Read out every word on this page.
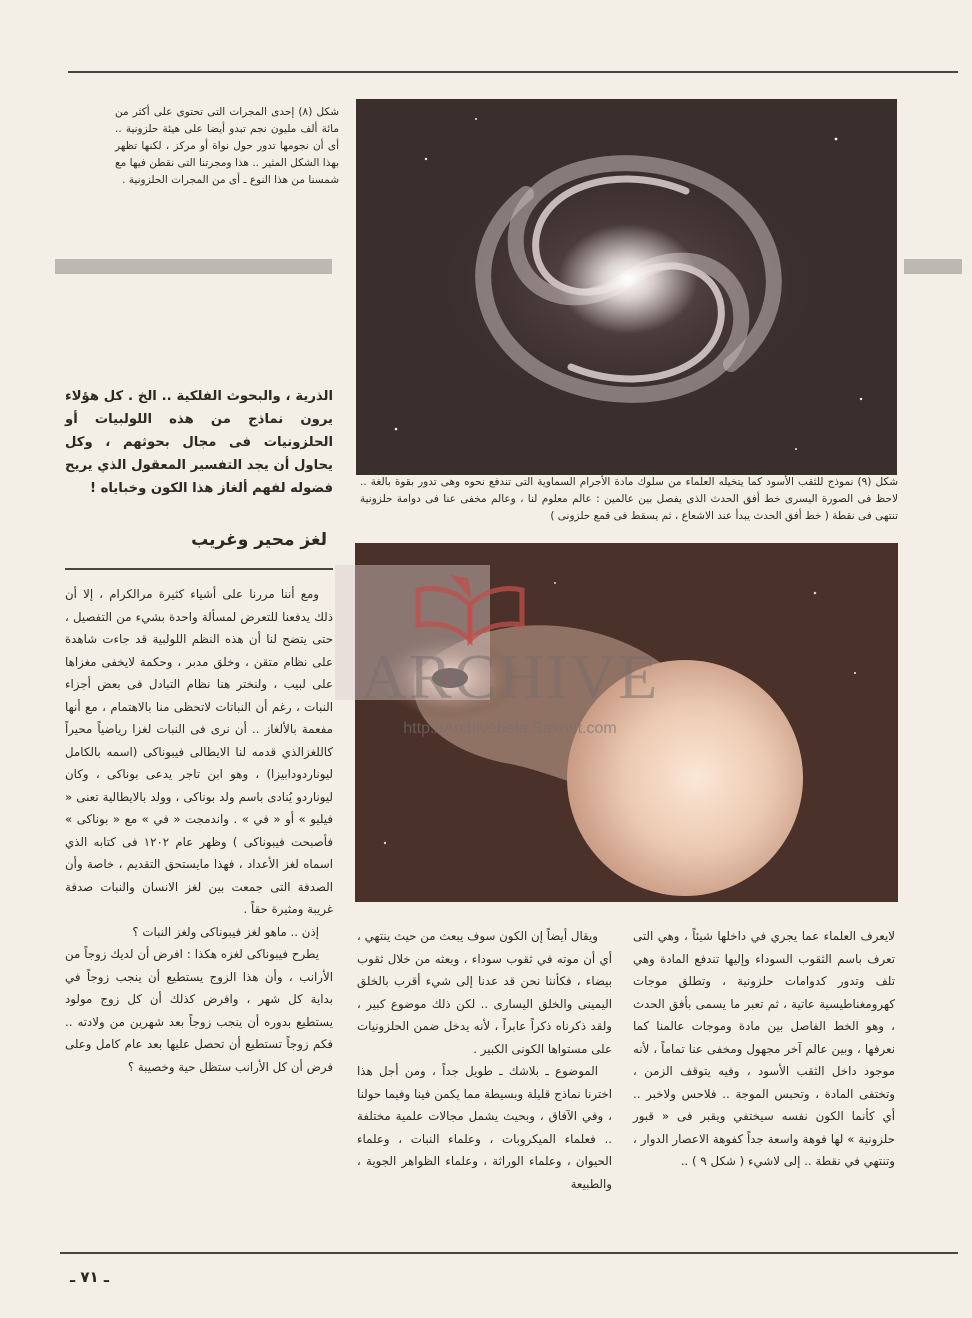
شكل (٨) إحدى المجرات التى تحتوى على أكثر من مائة ألف مليون نجم تبدو أيضا على هيئة حلزونية .. أى أن نجومها تدور حول نواة أو مركز ، لكنها تظهر بهذا الشكل المثير .. هذا ومجرتنا التى نقطن فيها مع شمسنا من هذا النوع ـ أى من المجرات الحلزونية .
شكل (٩) نموذج للثقب الأسود كما يتخيله العلماء من سلوك مادة الأجرام السماوية التى تندفع نحوه وهى تدور بقوة بالغة .. لاحظ فى الصورة اليسرى خط أفق الحدث الذى يفصل بين عالمين : عالم معلوم لنا ، وعالم مخفى عنا فى دوامة حلزونية تنتهى فى نقطة ( خط أفق الحدث يبدأ عند الاشعاع ، ثم يسقط فى قمع حلزونى )
ARCHIVE
http://Archivebeta.Sakhrit.com
الذرية ، والبحوث الفلكية .. الخ . كل هؤلاء يرون نماذج من هذه اللولبيات أو الحلزونيات فى مجال بحوثهم ، وكل يحاول أن يجد التفسير المعقول الذي يريح فضوله لفهم ألغاز هذا الكون وخباياه !
لغز محير وغريب

ومع أننا مررنا على أشياء كثيرة مرالكرام ، إلا أن ذلك يدفعنا للتعرض لمسألة واحدة بشيء من التفصيل ، حتى يتضح لنا أن هذه النظم اللولبية قد جاءت شاهدة على نظام متقن ، وخلق مدبر ، وحكمة لايخفى مغزاها على لبيب ، ولنختر هنا نظام التبادل فى بعض أجزاء النبات ، رغم أن النباتات لاتحظى منا بالاهتمام ، مع أنها مفعمة بالألغاز .. أن نرى فى النبات لغزا رياضياً محيراً كاللغزالذي قدمه لنا الايطالى فيبوناكى (اسمه بالكامل ليوناردودابيزا) ، وهو ابن تاجر يدعى بوناكى ، وكان ليوناردو يُنادى باسم ولد بوناكى ، وولد بالايطالية تعنى « فيليو » أو « في » . واندمجت « في » مع « بوناكى » فأصبحت فيبوناكى ) وظهر عام ١٢٠٢ فى كتابه الذي اسماه لغز الأعداد ، فهذا مايستحق التقديم ، خاصة وأن الصدفة التى جمعت بين لغز الانسان والنبات صدفة غريبة ومثيرة حقاً .

إذن .. ماهو لغز فيبوناكى ولغز النبات ؟

يطرح فيبوناكى لغزه هكذا : افرض أن لديك زوجاً من الأرانب ، وأن هذا الزوج يستطيع أن ينجب زوجاً في بداية كل شهر ، وافرض كذلك أن كل زوج مولود يستطيع بدوره أن ينجب زوجاً بعد شهرين من ولادته .. فكم زوجاً تستطيع أن تحصل عليها بعد عام كامل وعلى فرض أن كل الأرانب ستظل حية وخصيبة ؟

ويقال أيضاً إن الكون سوف يبعث من حيث ينتهي ، أي أن موته في ثقوب سوداء ، وبعثه من خلال ثقوب بيضاء ، فكأننا نحن قد عدنا إلى شيء أقرب بالخلق اليمينى والخلق اليسارى .. لكن ذلك موضوع كبير ، ولقد ذكرناه ذكراً عابراً ، لأنه يدخل ضمن الحلزونيات على مستواها الكونى الكبير .

الموضوع ـ بلاشك ـ طويل جداً ، ومن أجل هذا اخترنا نماذج قليلة وبسيطة مما يكمن فينا وفيما حولنا ، وفي الآفاق ، وبحيث يشمل مجالات علمية مختلفة .. فعلماء الميكروبات ، وعلماء النبات ، وعلماء الحيوان ، وعلماء الوراثة ، وعلماء الظواهر الجوية ، والطبيعة

لايعرف العلماء عما يجري في داخلها شيئاً ، وهي التى تعرف باسم الثقوب السوداء وإليها تندفع المادة وهي تلف وتدور كدوامات حلزونية ، وتطلق موجات كهرومغناطيسية عاتية ، ثم تعبر ما يسمى بأفق الحدث ، وهو الخط الفاصل بين مادة وموجات عالمنا كما نعرفها ، وبين عالم آخر مجهول ومخفى عنا تماماً ، لأنه موجود داخل الثقب الأسود ، وفيه يتوقف الزمن ، وتختفى المادة ، وتحبس الموجة .. فلاحس ولاخبر .. أي كأنما الكون نفسه سيختفي ويقبر فى « قبور حلزونية » لها فوهة واسعة جداً كفوهة الاعصار الدوار ، وتنتهي في نقطة .. إلى لاشيء ( شكل ٩ ) ..
ـ ٧١ ـ
